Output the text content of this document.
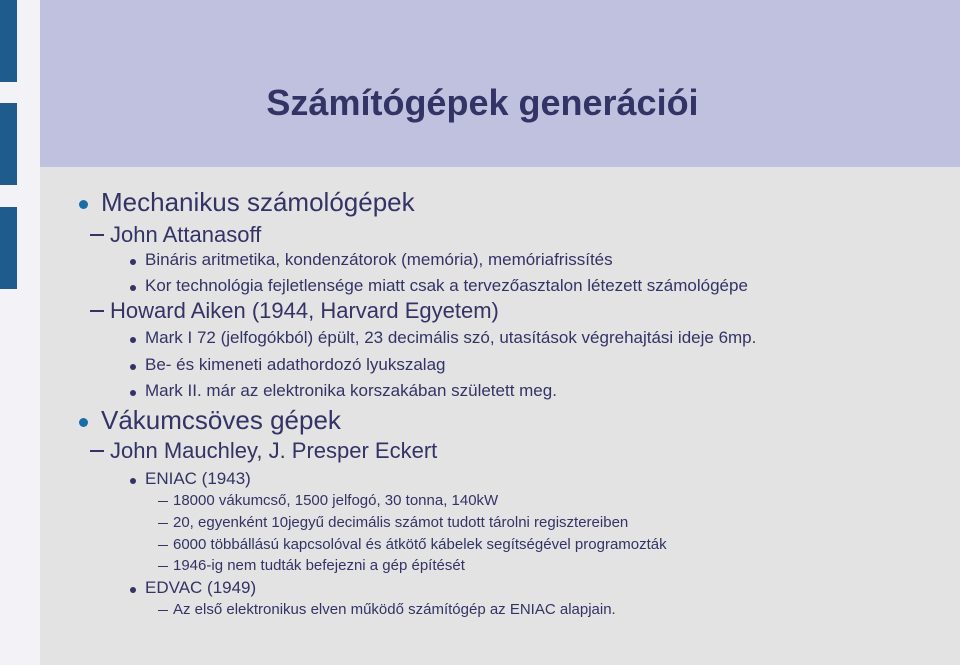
Számítógépek generációi
Mechanikus számológépek
John Attanasoff
Bináris aritmetika, kondenzátorok (memória), memóriafrissítés
Kor technológia fejletlensége miatt csak a tervezőasztalon létezett számológépe
Howard Aiken (1944, Harvard Egyetem)
Mark I 72 (jelfogókból) épült, 23 decimális szó, utasítások végrehajtási ideje 6mp.
Be- és kimeneti adathordozó lyukszalag
Mark II. már az elektronika korszakában született meg.
Vákumcsöves gépek
John Mauchley, J. Presper Eckert
ENIAC (1943)
18000 vákumcső, 1500 jelfogó, 30 tonna, 140kW
20, egyenként 10jegyű decimális számot tudott tárolni regisztereiben
6000 többállású kapcsolóval és átkötő kábelek segítségével programozták
1946-ig nem tudták befejezni a gép építését
EDVAC (1949)
Az első elektronikus elven működő számítógép az ENIAC alapjain.
